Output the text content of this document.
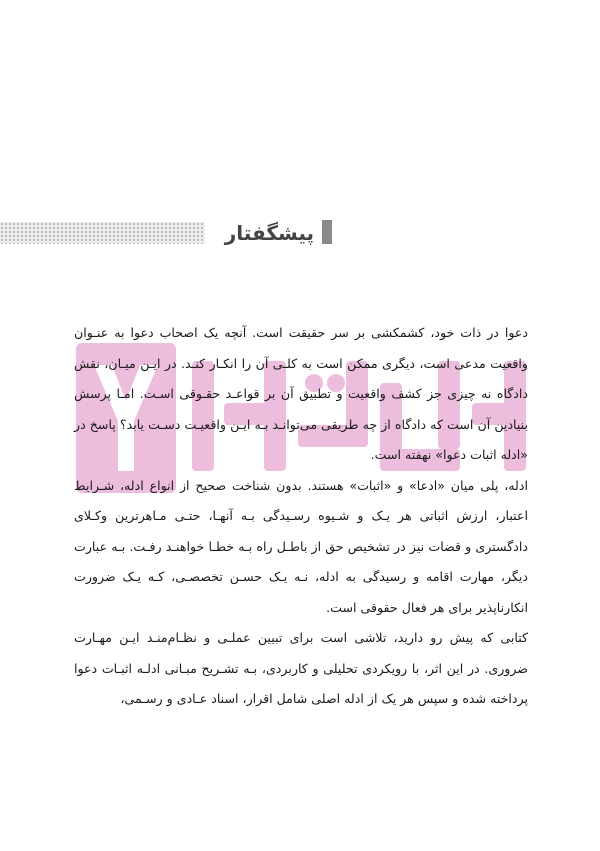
پیشگفتار

دعوا در ذات خود، کشمکشی بر سر حقیقت است. آنچه یک اصحاب دعوا به عنـوان واقعیت مدعی است، دیگری ممکن است به کلـی آن را انکـار کنـد. در ایـن میـان، نقش دادگاه نه چیزی جز کشف واقعیت و تطبیق آن بر قواعـد حقـوقی اسـت. امـا پرسش بنیادین آن است که دادگاه از چه طریقی می‌توانـد بـه ایـن واقعیـت دسـت یابد؟ پاسخ در «ادله اثبات دعوا» نهفته است.

ادله، پلی میان «ادعا» و «اثبات» هستند. بدون شناخت صحیح از انواع ادله، شـرایط اعتبار، ارزش اثباتی هر یـک و شـیوه رسـیدگی بـه آنهـا، حتـی مـاهرترین وکـلای دادگستری و قضات نیز در تشخیص حق از باطـل راه بـه خطـا خواهنـد رفـت. بـه عبارت دیگر، مهارت اقامه و رسیدگی به ادله، نـه یـک حسـن تخصصـی، کـه یـک ضرورت انکارناپذیر برای هر فعال حقوقی است.

کتابی که پیش رو دارید، تلاشی است برای تبیین عملـی و نظـام‌منـد ایـن مهـارت ضروری. در این اثر، با رویکردی تحلیلی و کاربردی، بـه تشـریح مبـانی ادلـه اثبـات دعوا پرداخته شده و سپس هر یک از ادله اصلی شامل اقرار، اسناد عـادی و رسـمی،
